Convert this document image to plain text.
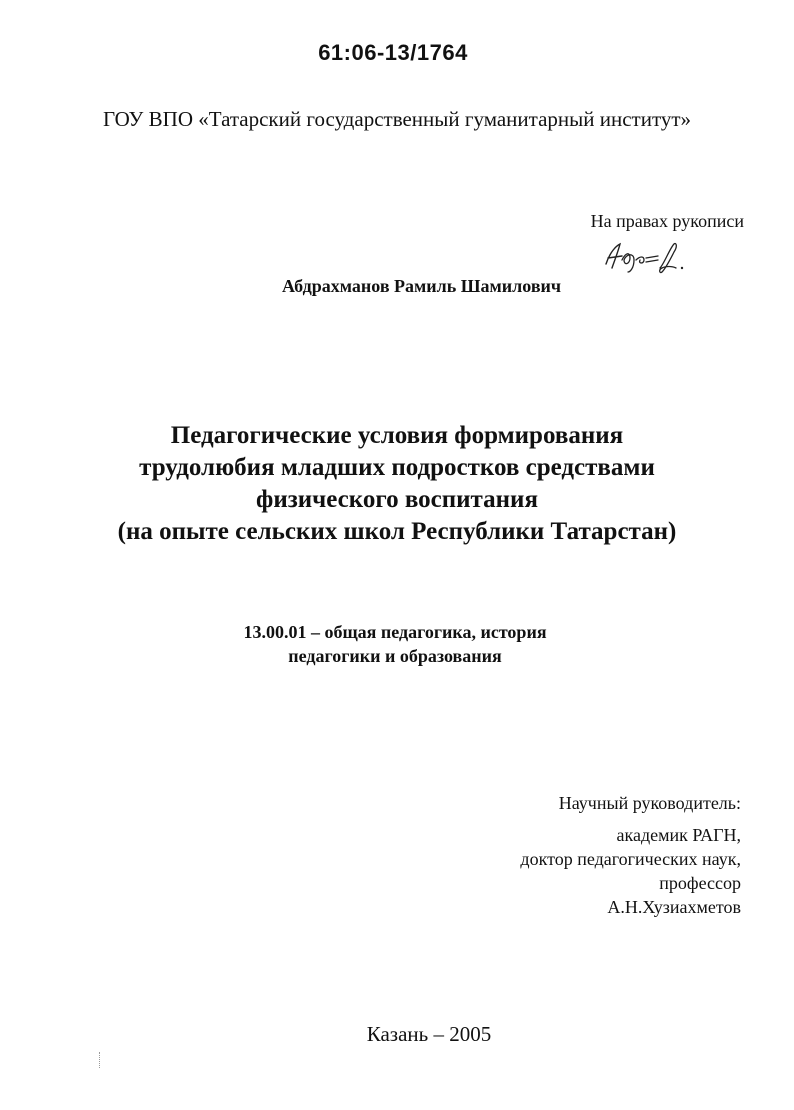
61:06-13/1764
ГОУ ВПО «Татарский государственный гуманитарный институт»
На правах рукописи
Абдрахманов Рамиль Шамилович
Педагогические условия формирования
трудолюбия младших подростков средствами
физического воспитания
(на опыте сельских школ Республики Татарстан)
13.00.01 – общая педагогика, история
педагогики и образования
Научный руководитель:
академик РАГН,
доктор педагогических наук,
профессор
А.Н.Хузиахметов
Казань – 2005
